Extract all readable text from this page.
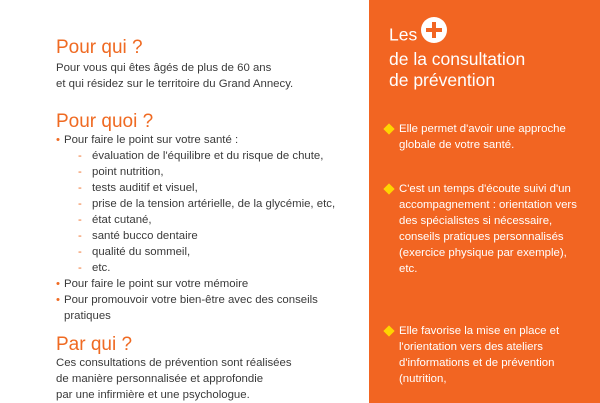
Pour qui ?
Pour vous qui êtes âgés de plus de 60 ans
et qui résidez sur le territoire du Grand Annecy.
Pour quoi ?
• Pour faire le point sur votre santé :
- évaluation de l'équilibre et du risque de chute,
- point nutrition,
- tests auditif et visuel,
- prise de la tension artérielle, de la glycémie, etc,
- état cutané,
- santé bucco dentaire
- qualité du sommeil,
- etc.
• Pour faire le point sur votre mémoire
• Pour promouvoir votre bien-être avec des conseils pratiques
Par qui ?
Ces consultations de prévention sont réalisées
de manière personnalisée et approfondie
par une infirmière et une psychologue.
Les
de la consultation
de prévention
Elle permet d'avoir une approche globale de votre santé.
C'est un temps d'écoute suivi d'un accompagnement : orientation vers des spécialistes si nécessaire, conseils pratiques personnalisés (exercice physique par exemple), etc.
Elle favorise la mise en place et l'orientation vers des ateliers d'informations et de prévention (nutrition,
